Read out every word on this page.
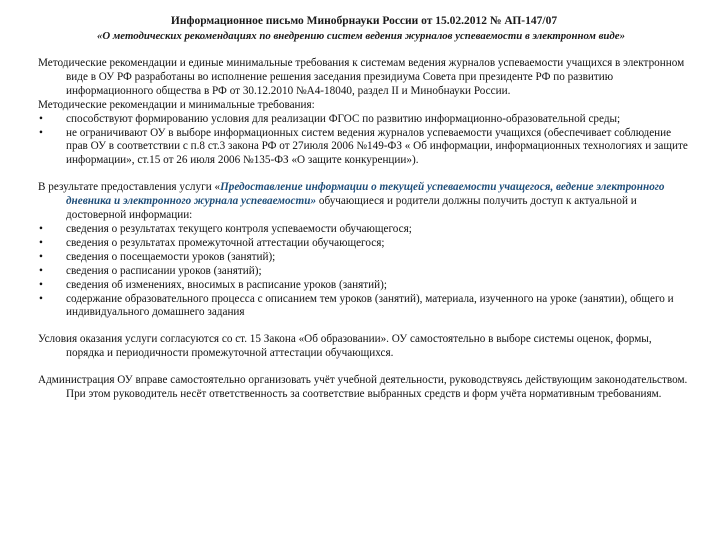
Информационное письмо Минобрнауки России от 15.02.2012 № АП-147/07
«О методических рекомендациях по внедрению систем ведения журналов успеваемости в электронном виде»

Методические рекомендации и единые минимальные требования к системам ведения журналов успеваемости учащихся в электронном виде в ОУ РФ разработаны во исполнение решения заседания президиума Совета при президенте РФ по развитию информационного общества в РФ от 30.12.2010 №А4-18040, раздел II и Минобнауки России.

Методические рекомендации и минимальные требования:

•	способствуют формированию условия для реализации ФГОС по развитию информационно-образовательной среды;
•	не ограничивают ОУ в выборе информационных систем ведения журналов успеваемости учащихся (обеспечивает соблюдение прав ОУ в соответствии с п.8 ст.3 закона РФ от 27июля 2006 №149-ФЗ « Об информации, информационных технологиях и защите информации», ст.15 от 26 июля 2006 №135-ФЗ «О защите конкуренции»).

В результате предоставления услуги «Предоставление информации о текущей успеваемости учащегося, ведение электронного дневника и электронного журнала успеваемости» обучающиеся и родители должны получить доступ к актуальной и достоверной информации:

•	сведения о результатах текущего контроля успеваемости обучающегося;
•	сведения о результатах промежуточной аттестации обучающегося;
•	сведения о посещаемости уроков (занятий);
•	сведения о расписании уроков (занятий);
•	сведения об изменениях, вносимых в расписание уроков (занятий);
•	содержание образовательного процесса с описанием тем уроков (занятий), материала, изученного на уроке (занятии), общего и индивидуального домашнего задания

Условия оказания услуги согласуются со ст. 15 Закона «Об образовании». ОУ самостоятельно в выборе системы оценок, формы, порядка и периодичности промежуточной аттестации обучающихся.

Администрация ОУ вправе самостоятельно организовать учёт учебной деятельности, руководствуясь действующим законодательством. При этом руководитель несёт ответственность за соответствие выбранных средств и форм учёта нормативным требованиям.
